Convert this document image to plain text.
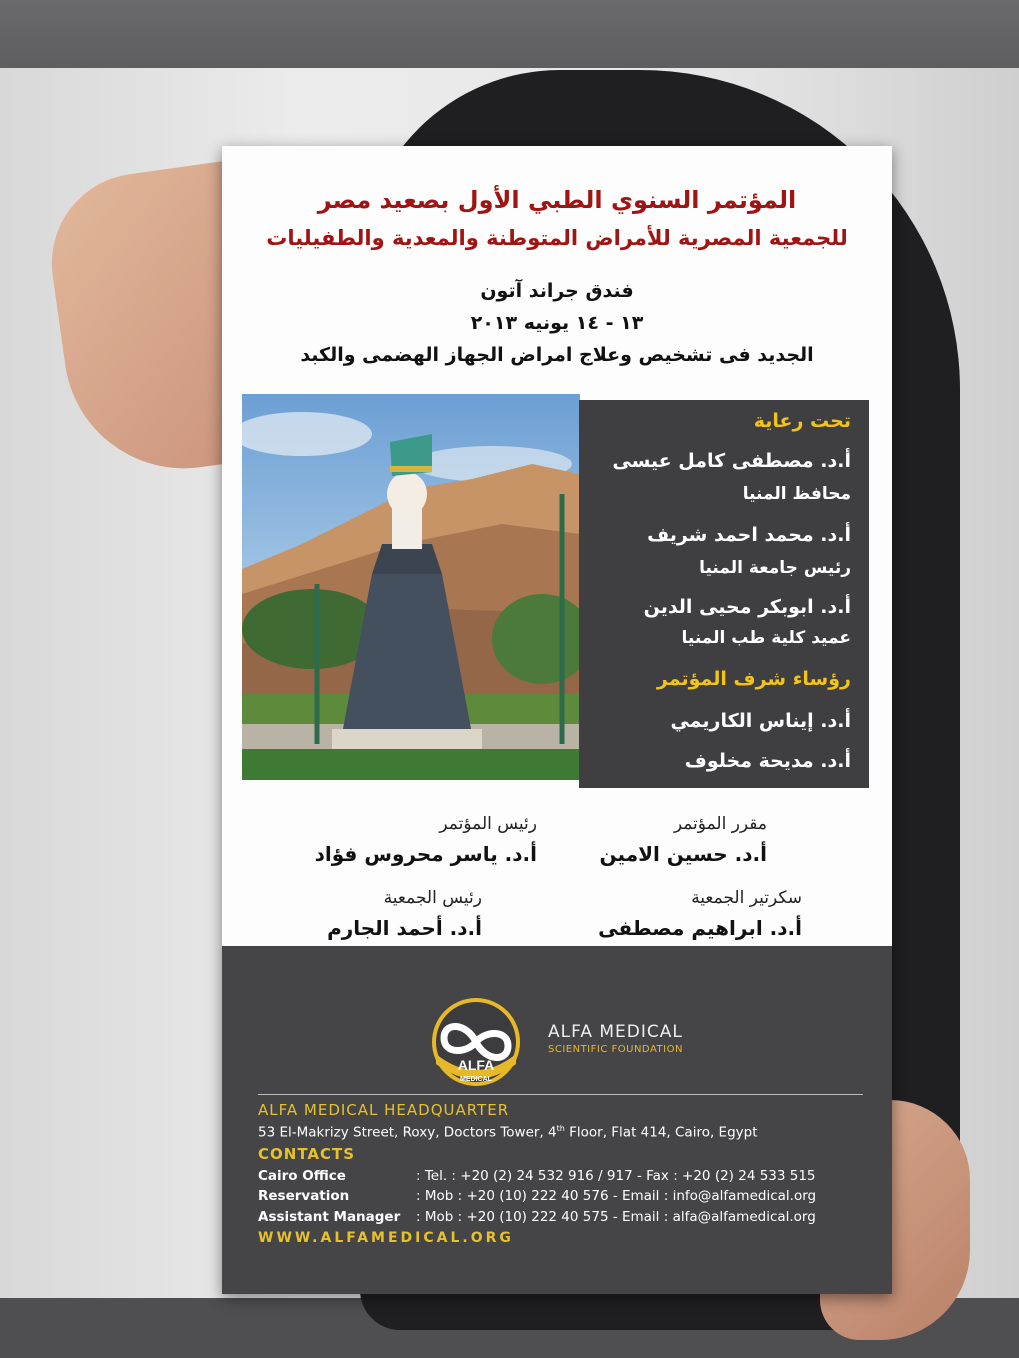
المؤتمر السنوي الطبي الأول بصعيد مصر
للجمعية المصرية للأمراض المتوطنة والمعدية والطفيليات
فندق جراند آتون
١٣ - ١٤ يونيه ٢٠١٣
الجديد فى تشخيص وعلاج امراض الجهاز الهضمى والكبد
تحت رعاية
أ.د. مصطفى كامل عيسى
محافظ المنيا
أ.د. محمد احمد شريف
رئيس جامعة المنيا
أ.د. ابوبكر محيى الدين
عميد كلية طب المنيا
رؤساء شرف المؤتمر
أ.د. إيناس الكاريمي
أ.د. مديحة مخلوف
رئيس المؤتمر
أ.د. ياسر محروس فؤاد
مقرر المؤتمر
أ.د. حسين الامين
رئيس الجمعية
أ.د. أحمد الجارم
سكرتير الجمعية
أ.د. ابراهيم مصطفى
ALFA
MEDICAL
ALFA MEDICAL
SCIENTIFIC FOUNDATION
ALFA MEDICAL HEADQUARTER
53 El-Makrizy Street, Roxy, Doctors Tower, 4th Floor, Flat 414, Cairo, Egypt
CONTACTS
Cairo Office	: Tel. : +20 (2) 24 532 916 / 917 - Fax : +20 (2) 24 533 515
Reservation	: Mob : +20 (10) 222 40 576 - Email : info@alfamedical.org
Assistant Manager	: Mob : +20 (10) 222 40 575 - Email : alfa@alfamedical.org
WWW.ALFAMEDICAL.ORG
